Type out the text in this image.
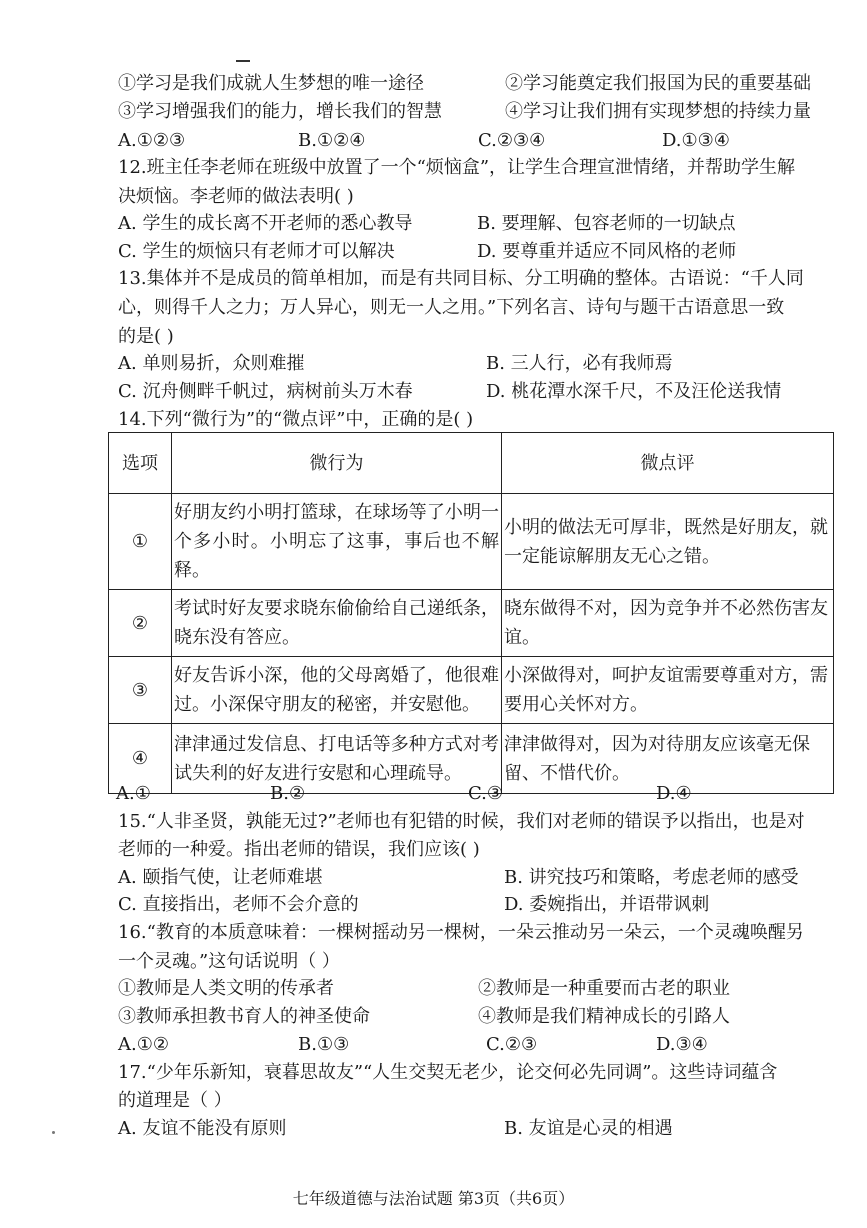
①学习是我们成就人生梦想的唯一途径	②学习能奠定我们报国为民的重要基础
③学习增强我们的能力，增长我们的智慧	④学习让我们拥有实现梦想的持续力量
A.①②③	B.①②④	C.②③④	D.①③④
12.班主任李老师在班级中放置了一个“烦恼盒”，让学生合理宣泄情绪，并帮助学生解
决烦恼。李老师的做法表明( )
A. 学生的成长离不开老师的悉心教导	B. 要理解、包容老师的一切缺点
C. 学生的烦恼只有老师才可以解决	D. 要尊重并适应不同风格的老师
13.集体并不是成员的简单相加，而是有共同目标、分工明确的整体。古语说：“千人同
心，则得千人之力；万人异心，则无一人之用。”下列名言、诗句与题干古语意思一致
的是( )
A. 单则易折，众则难摧	B. 三人行，必有我师焉
C. 沉舟侧畔千帆过，病树前头万木春	D. 桃花潭水深千尺，不及汪伦送我情
14.下列“微行为”的“微点评”中，正确的是( )
选项	微行为	微点评
①	好朋友约小明打篮球，在球场等了小明一个多小时。小明忘了这事，事后也不解释。	小明的做法无可厚非，既然是好朋友，就一定能谅解朋友无心之错。
②	考试时好友要求晓东偷偷给自己递纸条，晓东没有答应。	晓东做得不对，因为竞争并不必然伤害友谊。
③	好友告诉小深，他的父母离婚了，他很难过。小深保守朋友的秘密，并安慰他。	小深做得对，呵护友谊需要尊重对方，需要用心关怀对方。
④	津津通过发信息、打电话等多种方式对考试失利的好友进行安慰和心理疏导。	津津做得对，因为对待朋友应该毫无保留、不惜代价。
A.①	B.②	C.③	D.④
15.“人非圣贤，孰能无过?”老师也有犯错的时候，我们对老师的错误予以指出，也是对
老师的一种爱。指出老师的错误，我们应该( )
A. 颐指气使，让老师难堪	B. 讲究技巧和策略，考虑老师的感受
C. 直接指出，老师不会介意的	D. 委婉指出，并语带讽刺
16.“教育的本质意味着：一棵树摇动另一棵树，一朵云推动另一朵云，一个灵魂唤醒另
一个灵魂。”这句话说明（ ）
①教师是人类文明的传承者	②教师是一种重要而古老的职业
③教师承担教书育人的神圣使命	④教师是我们精神成长的引路人
A.①②	B.①③	C.②③	D.③④
17.“少年乐新知，衰暮思故友”“人生交契无老少，论交何必先同调”。这些诗词蕴含
的道理是（ ）
A. 友谊不能没有原则	B. 友谊是心灵的相遇
七年级道德与法治试题 第3页（共6页）
